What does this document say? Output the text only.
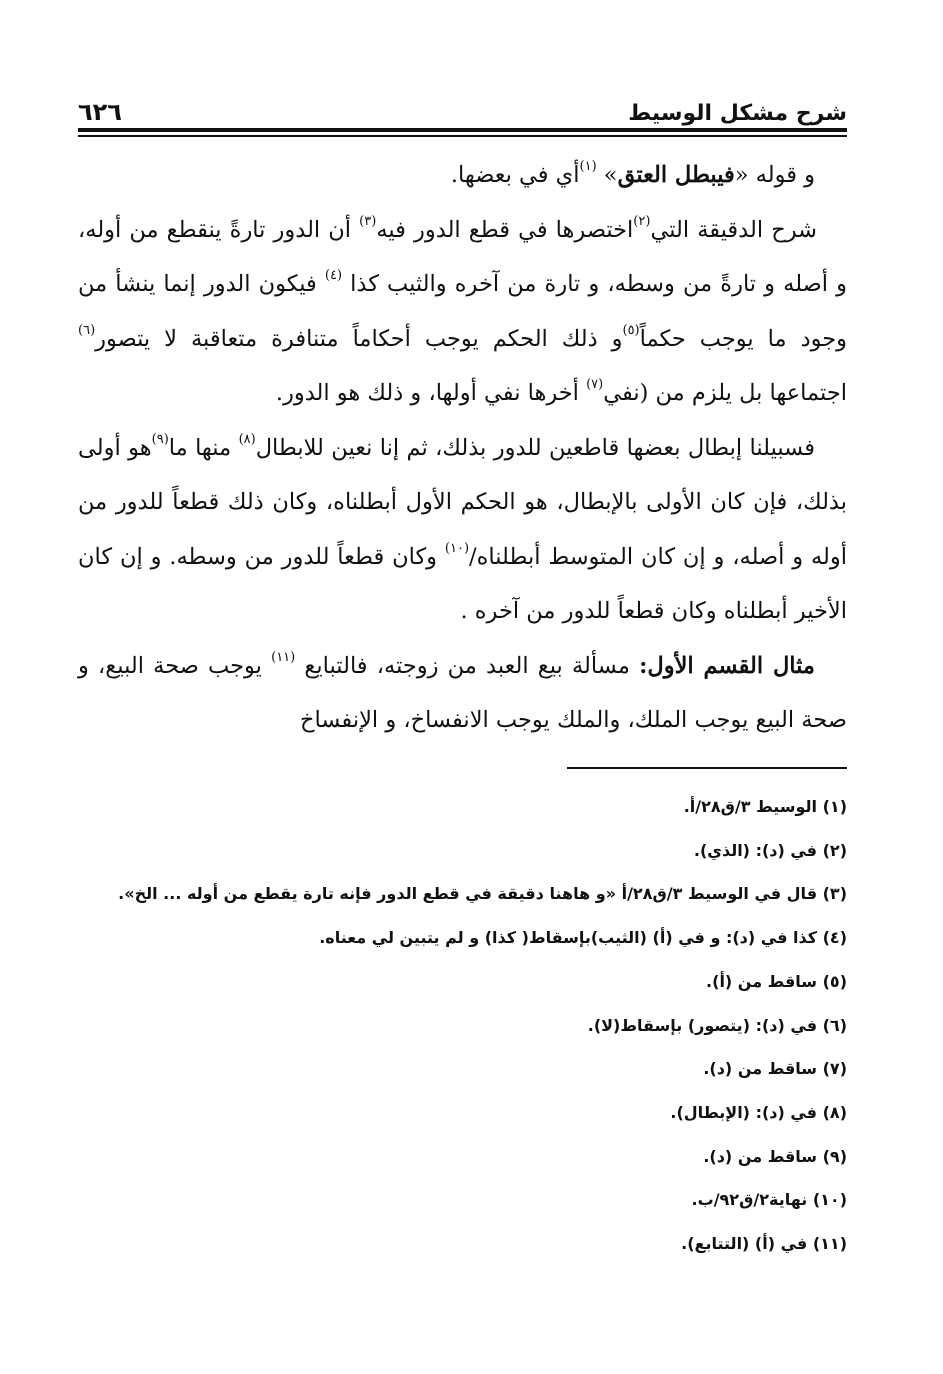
شرح مشكل الوسيط
٦٢٦

و قوله «فيبطل العتق» $^{(١)}$أي في بعضها.

شرح الدقيقة التي$^{(٢)}$اختصرها في قطع الدور فيه$^{(٣)}$ أن الدور تارةً ينقطع من أوله، و أصله و تارةً من وسطه، و تارة من آخره والثيب كذا $^{(٤)}$ فيكون الدور إنما ينشأ من وجود ما يوجب حكماً$^{(٥)}$و ذلك الحكم يوجب أحكاماً متنافرة متعاقبة لا يتصور$^{(٦)}$ اجتماعها بل يلزم من (نفي$^{(٧)}$ أخرها نفي أولها، و ذلك هو الدور.

فسبيلنا إبطال بعضها قاطعين للدور بذلك، ثم إنا نعين للابطال$^{(٨)}$ منها ما$^{(٩)}$هو أولى بذلك، فإن كان الأولى بالإبطال، هو الحكم الأول أبطلناه، وكان ذلك قطعاً للدور من أوله و أصله، و إن كان المتوسط أبطلناه/$^{(١٠)}$ وكان قطعاً للدور من وسطه. و إن كان الأخير أبطلناه وكان قطعاً للدور من آخره .

مثال القسم الأول: مسألة بيع العبد من زوجته، فالتبايع $^{(١١)}$ يوجب صحة البيع، و صحة البيع يوجب الملك، والملك يوجب الانفساخ، و الإنفساخ

(١) الوسيط ٣/ق٢٨/أ.
(٢) في (د): (الذي).
(٣) قال في الوسيط ٣/ق٢٨/أ «و هاهنا دقيقة في قطع الدور فإنه تارة يقطع من أوله ... الخ».
(٤) كذا في (د): و في (أ) (الثيب)بإسقاط( كذا) و لم يتبين لي معناه.
(٥) ساقط من (أ).
(٦) في (د): (يتصور) بإسقاط(لا).
(٧) ساقط من (د).
(٨) في (د): (الإبطال).
(٩) ساقط من (د).
(١٠) نهاية٢/ق٩٢/ب.
(١١) في (أ) (التتابع).
